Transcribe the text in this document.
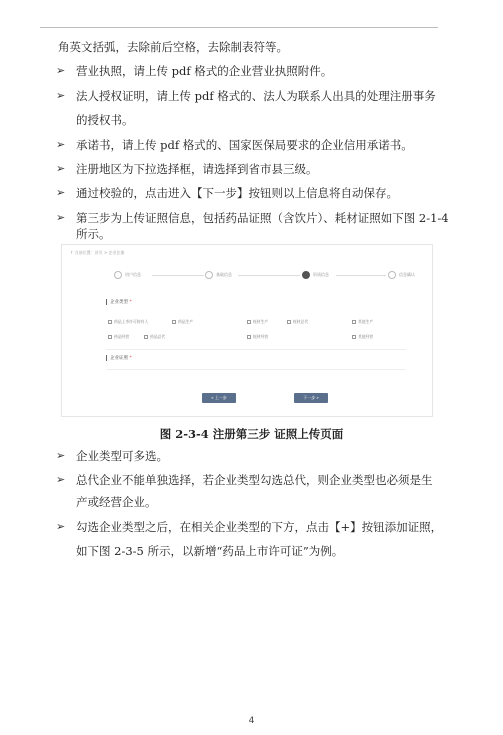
角英文括弧，去除前后空格，去除制表符等。
➢ 营业执照，请上传 pdf 格式的企业营业执照附件。
➢ 法人授权证明，请上传 pdf 格式的、法人为联系人出具的处理注册事务
的授权书。
➢ 承诺书，请上传 pdf 格式的、国家医保局要求的企业信用承诺书。
➢ 注册地区为下拉选择框，请选择到省市县三级。
➢ 通过校验的，点击进入【下一步】按钮则以上信息将自动保存。
➢ 第三步为上传证照信息，包括药品证照（含饮片）、耗材证照如下图 2-1-4
所示。
↑ 当前位置：首页 > 企业注册
用户信息	基础信息	资质信息	信息确认
企业类型 *
药品上市许可持有人	药品生产	耗材生产	耗材总代	其他生产
药品经营	药品总代	耗材经营	其他经营
企业证照 *
« 上一步	下一步 »
图 2-3-4 注册第三步 证照上传页面
➢ 企业类型可多选。
➢ 总代企业不能单独选择，若企业类型勾选总代，则企业类型也必须是生
产或经营企业。
➢ 勾选企业类型之后，在相关企业类型的下方，点击【+】按钮添加证照，
如下图 2-3-5 所示，以新增“药品上市许可证”为例。
4
